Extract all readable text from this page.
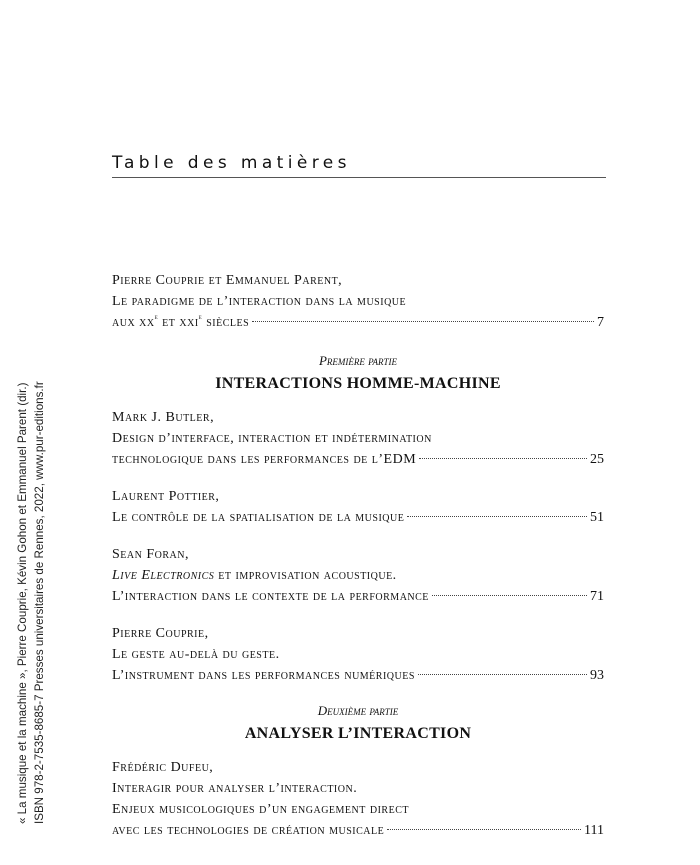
« La musique et la machine », Pierre Couprie, Kévin Gohon et Emmanuel Parent (dir.) ISBN 978-2-7535-8685-7 Presses universitaires de Rennes, 2022, www.pur-editions.fr
Table des matières
Pierre Couprie et Emmanuel Parent,
Le paradigme de l’interaction dans la musique
aux $xx^e$ et xxi$^e$ siècles	7
Première partie
INTERACTIONS HOMME-MACHINE
Mark J. Butler,
Design d’interface, interaction et indétermination
technologique dans les performances de l’EDM	25
Laurent Pottier,
Le contrôle de la spatialisation de la musique	51
Sean Foran,
Live Electronics et improvisation acoustique.
L’interaction dans le contexte de la performance	71
Pierre Couprie,
Le geste au-delà du geste.
L’instrument dans les performances numériques	93
Deuxième partie
ANALYSER L’INTERACTION
Frédéric Dufeu,
Interagir pour analyser l’interaction.
Enjeux musicologiques d’un engagement direct
avec les technologies de création musicale	111
